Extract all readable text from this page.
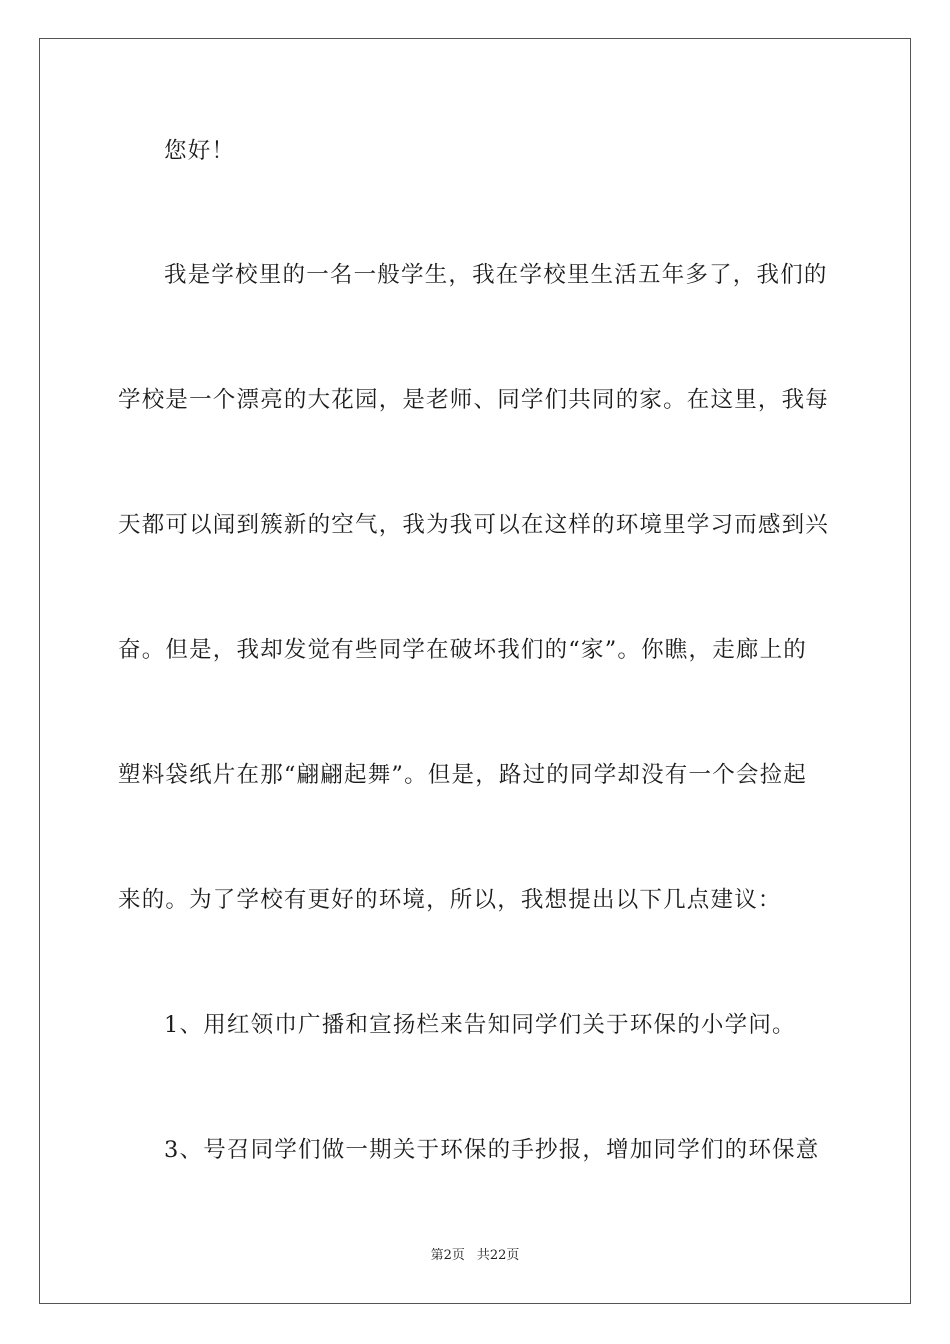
您好！

我是学校里的一名一般学生，我在学校里生活五年多了，我们的

学校是一个漂亮的大花园，是老师、同学们共同的家。在这里，我每

天都可以闻到簇新的空气，我为我可以在这样的环境里学习而感到兴

奋。但是，我却发觉有些同学在破坏我们的“家”。你瞧，走廊上的

塑料袋纸片在那“翩翩起舞”。但是，路过的同学却没有一个会捡起

来的。为了学校有更好的环境，所以，我想提出以下几点建议：

1、用红领巾广播和宣扬栏来告知同学们关于环保的小学问。

3、号召同学们做一期关于环保的手抄报，增加同学们的环保意

第2页 共22页
